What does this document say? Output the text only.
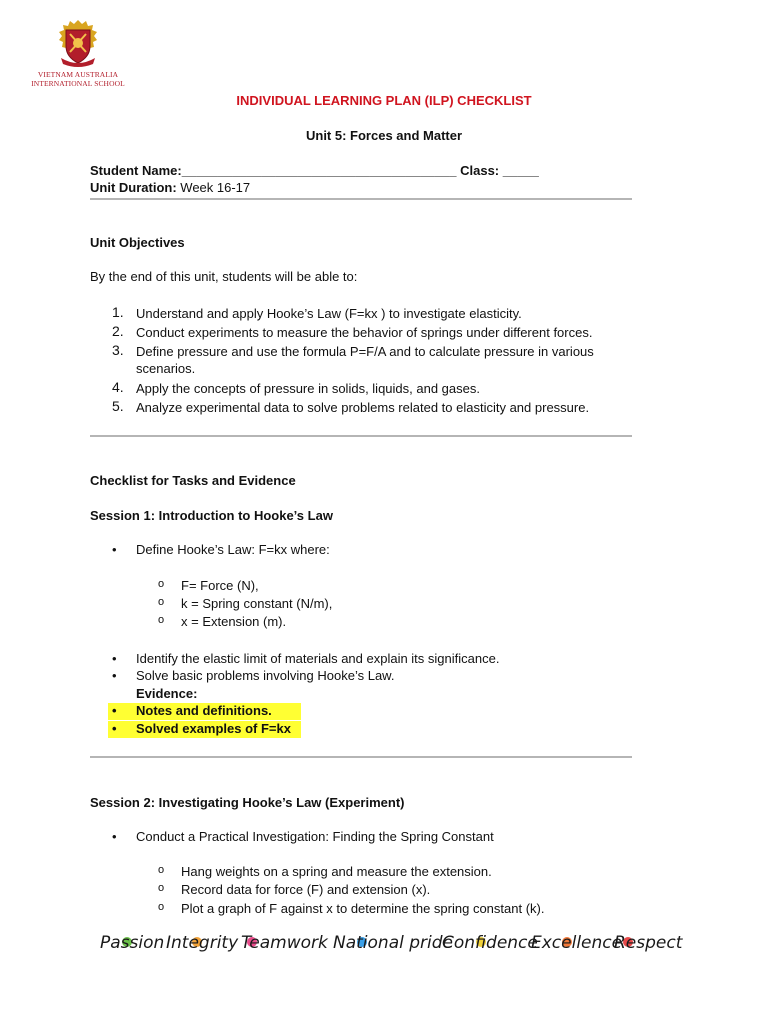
VIETNAM AUSTRALIA
INTERNATIONAL SCHOOL
INDIVIDUAL LEARNING PLAN (ILP) CHECKLIST
Unit 5: Forces and Matter
Student Name:______________________________________ Class: _____
Unit Duration: Week 16-17
Unit Objectives
By the end of this unit, students will be able to:
1. Understand and apply Hooke’s Law (F=kx ) to investigate elasticity.
2. Conduct experiments to measure the behavior of springs under different forces.
3. Define pressure and use the formula P=F/A and to calculate pressure in various scenarios.
4. Apply the concepts of pressure in solids, liquids, and gases.
5. Analyze experimental data to solve problems related to elasticity and pressure.
Checklist for Tasks and Evidence
Session 1: Introduction to Hooke’s Law
• Define Hooke’s Law: F=kx where:
o F= Force (N),
o k = Spring constant (N/m),
o x = Extension (m).
• Identify the elastic limit of materials and explain its significance.
• Solve basic problems involving Hooke’s Law.
Evidence:
• Notes and definitions.
• Solved examples of F=kx
Session 2: Investigating Hooke’s Law (Experiment)
• Conduct a Practical Investigation: Finding the Spring Constant
o Hang weights on a spring and measure the extension.
o Record data for force (F) and extension (x).
o Plot a graph of F against x to determine the spring constant (k).
Passion Integrity Teamwork National pride
Confidence
Excellence
Respect
